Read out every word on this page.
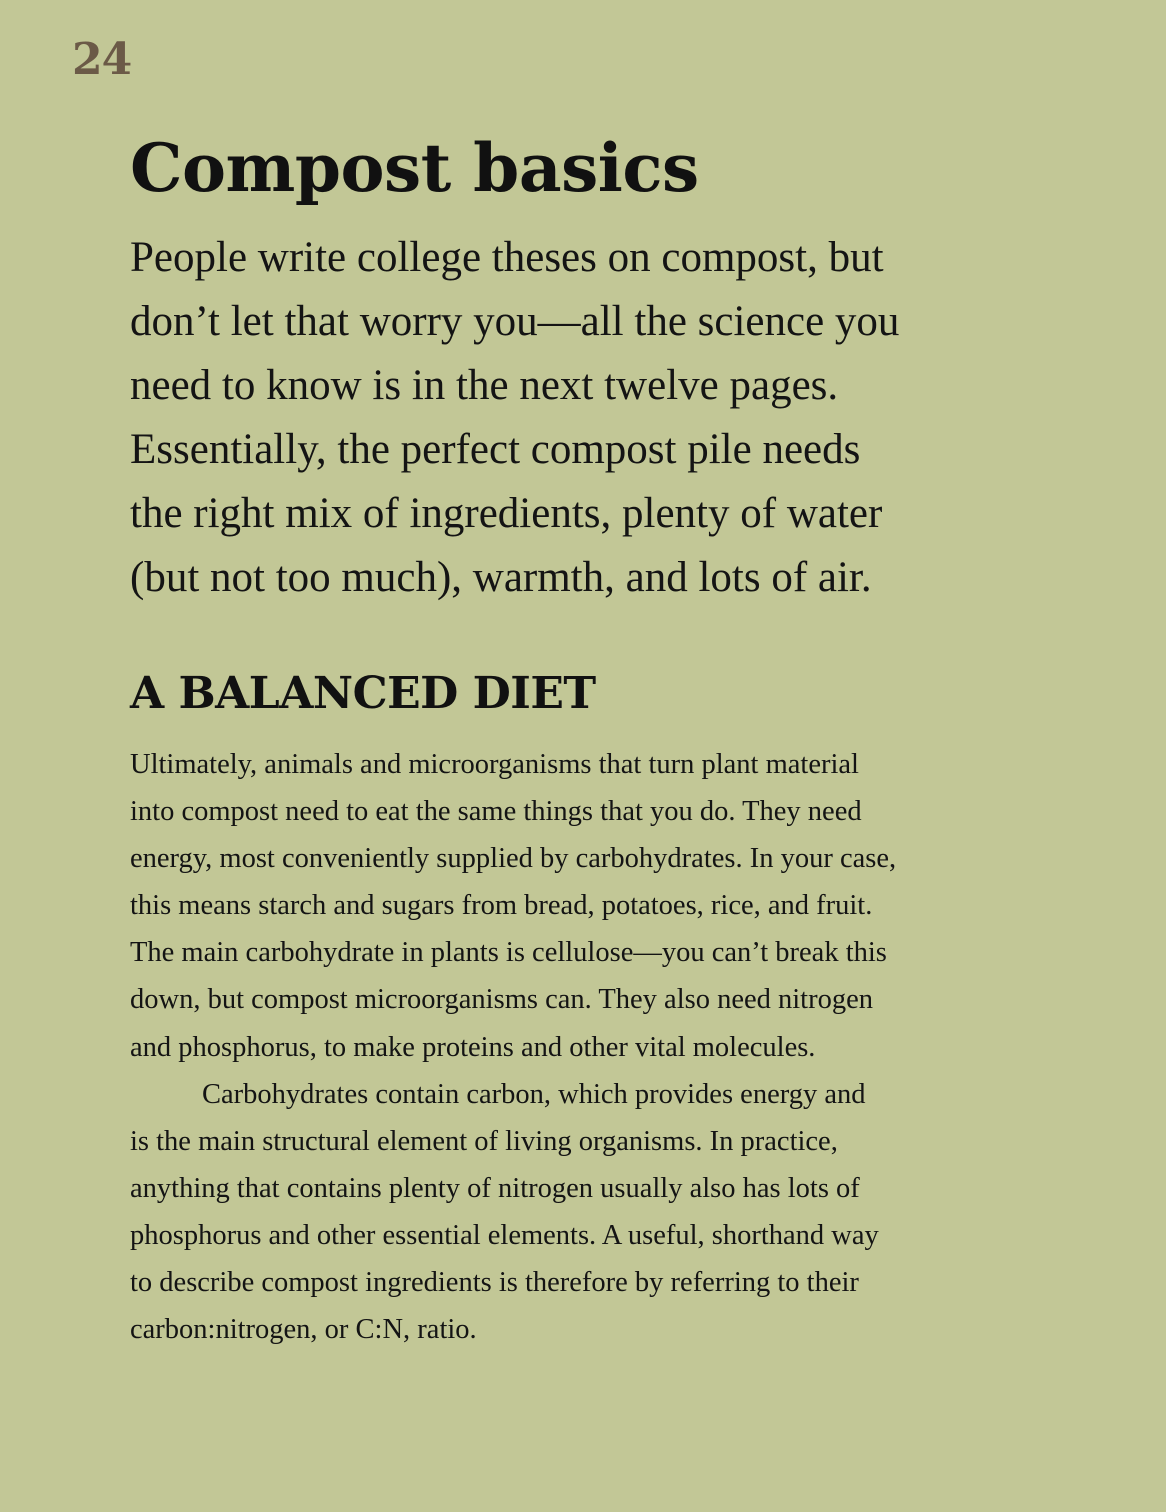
24
Compost basics

People write college theses on compost, but
don’t let that worry you—all the science you
need to know is in the next twelve pages.
Essentially, the perfect compost pile needs
the right mix of ingredients, plenty of water
(but not too much), warmth, and lots of air.

A BALANCED DIET
Ultimately, animals and microorganisms that turn plant material
into compost need to eat the same things that you do. They need
energy, most conveniently supplied by carbohydrates. In your case,
this means starch and sugars from bread, potatoes, rice, and fruit.
The main carbohydrate in plants is cellulose—you can’t break this
down, but compost microorganisms can. They also need nitrogen
and phosphorus, to make proteins and other vital molecules.
Carbohydrates contain carbon, which provides energy and
is the main structural element of living organisms. In practice,
anything that contains plenty of nitrogen usually also has lots of
phosphorus and other essential elements. A useful, shorthand way
to describe compost ingredients is therefore by referring to their
carbon:nitrogen, or C:N, ratio.
